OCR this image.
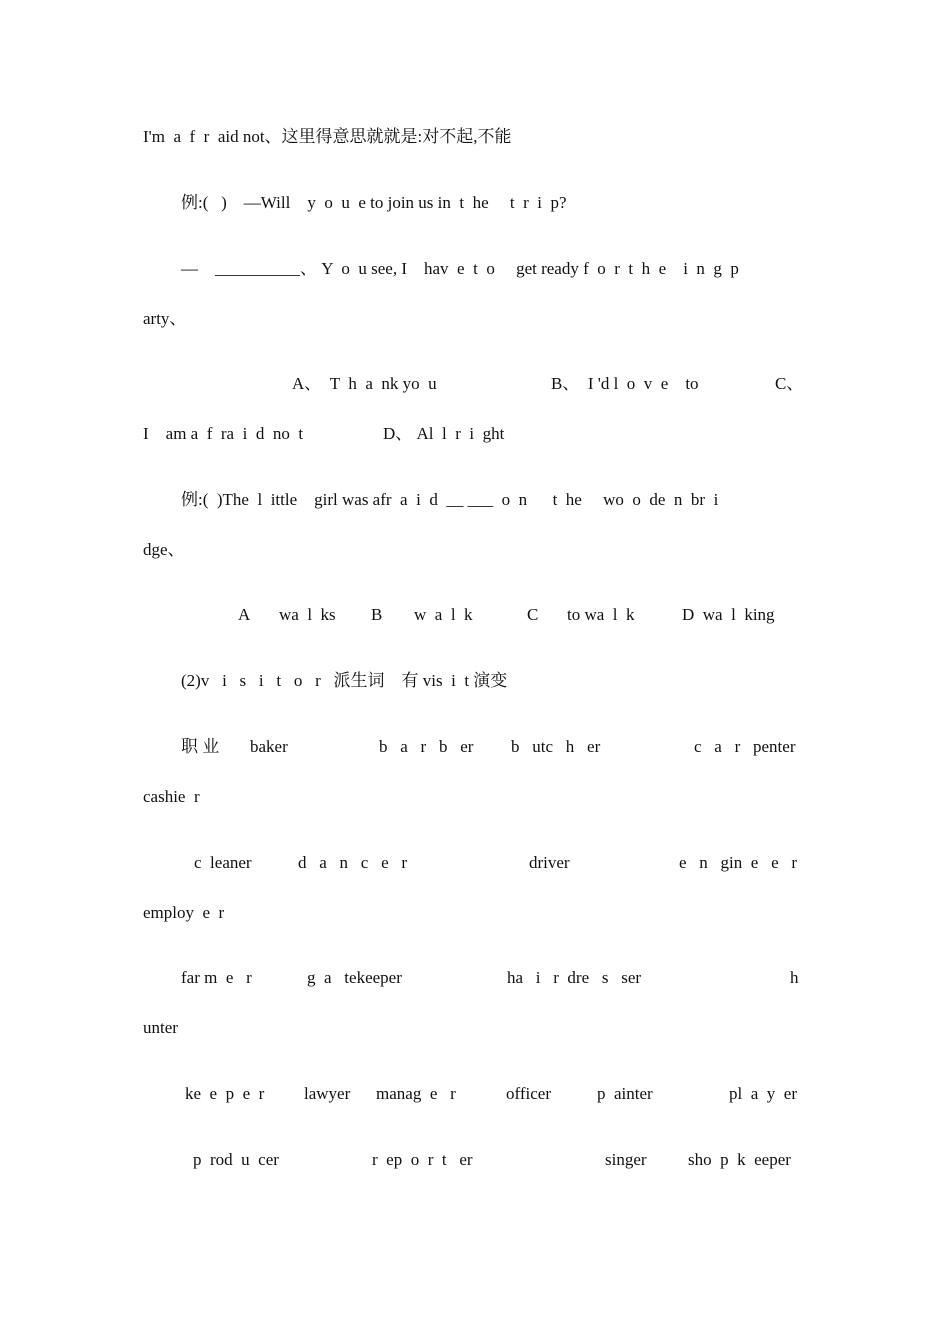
I'm  a  f  r  aid not、这里得意思就就是:对不起,不能
例:(   )    —Will    y  o  u  e to join us in  t  he     t  r  i  p?
—    __________、 Y  o  u see, I    hav  e  t  o     get ready f  o  r  t  h  e    i  n  g  p
arty、
A、  T  h  a  nk yo  u	B、  I 'd l  o  v  e    to	C、
I    am a  f  ra  i  d  no  t	D、 Al  l  r  i  ght
例:(  )The  l  ittle    girl was afr  a  i  d  __ ___  o  n      t  he     wo  o  de  n  br  i
dge、
A wa  l  ks B w  a  l  k	C to wa  l  k	D  wa  l  king
(2)v   i   s   i   t   o   r   派生词    有 vis  i  t 演变
职 业 baker	b   a   r   b   er b   utc   h   er	c   a   r   penter
cashie  r
c  leaner	d   a   n   c   e   r	driver	e   n   gin  e   e   r
employ  e  r
far m  e   r	g  a   tekeeper	ha   i   r  dre   s   ser	h
unter
ke  e  p  e  r lawyer manag  e   r	officer	p  ainter	pl  a  y  er
p  rod  u  cer	r  ep  o  r  t   er	singer sho  p  k  eeper
